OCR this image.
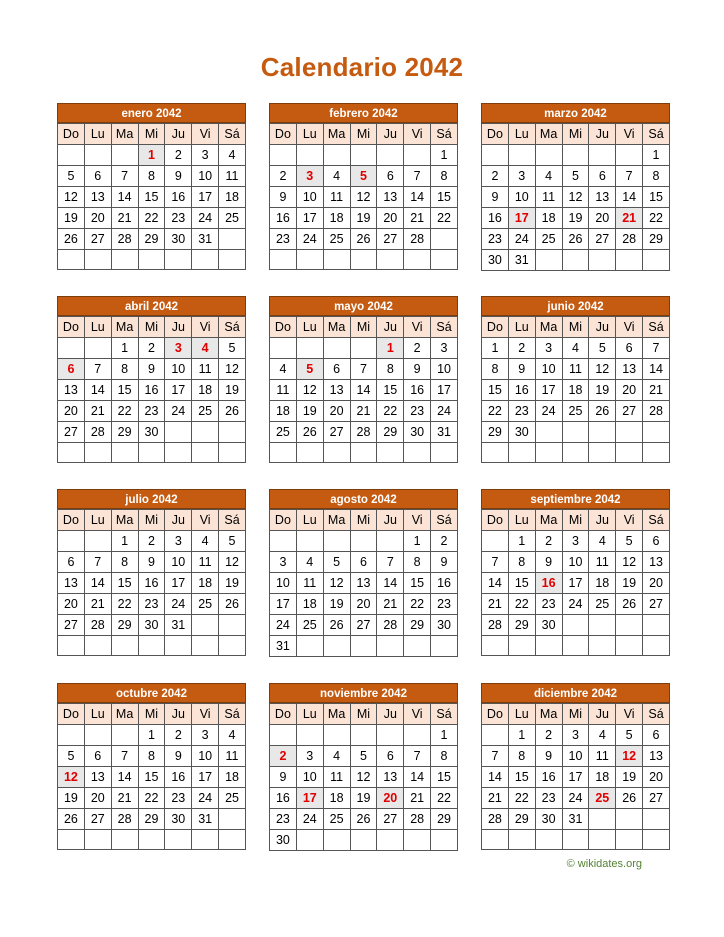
Calendario 2042
enero 2042
Do	Lu	Ma	Mi	Ju	Vi	Sá
			1	2	3	4
5	6	7	8	9	10	11
12	13	14	15	16	17	18
19	20	21	22	23	24	25
26	27	28	29	30	31	

febrero 2042
Do	Lu	Ma	Mi	Ju	Vi	Sá
						1
2	3	4	5	6	7	8
9	10	11	12	13	14	15
16	17	18	19	20	21	22
23	24	25	26	27	28	

marzo 2042
Do	Lu	Ma	Mi	Ju	Vi	Sá
						1
2	3	4	5	6	7	8
9	10	11	12	13	14	15
16	17	18	19	20	21	22
23	24	25	26	27	28	29
30	31					
abril 2042
Do	Lu	Ma	Mi	Ju	Vi	Sá
		1	2	3	4	5
6	7	8	9	10	11	12
13	14	15	16	17	18	19
20	21	22	23	24	25	26
27	28	29	30			

mayo 2042
Do	Lu	Ma	Mi	Ju	Vi	Sá
				1	2	3
4	5	6	7	8	9	10
11	12	13	14	15	16	17
18	19	20	21	22	23	24
25	26	27	28	29	30	31

junio 2042
Do	Lu	Ma	Mi	Ju	Vi	Sá
1	2	3	4	5	6	7
8	9	10	11	12	13	14
15	16	17	18	19	20	21
22	23	24	25	26	27	28
29	30					

julio 2042
Do	Lu	Ma	Mi	Ju	Vi	Sá
		1	2	3	4	5
6	7	8	9	10	11	12
13	14	15	16	17	18	19
20	21	22	23	24	25	26
27	28	29	30	31		

agosto 2042
Do	Lu	Ma	Mi	Ju	Vi	Sá
					1	2
3	4	5	6	7	8	9
10	11	12	13	14	15	16
17	18	19	20	21	22	23
24	25	26	27	28	29	30
31						
septiembre 2042
Do	Lu	Ma	Mi	Ju	Vi	Sá
	1	2	3	4	5	6
7	8	9	10	11	12	13
14	15	16	17	18	19	20
21	22	23	24	25	26	27
28	29	30				

octubre 2042
Do	Lu	Ma	Mi	Ju	Vi	Sá
			1	2	3	4
5	6	7	8	9	10	11
12	13	14	15	16	17	18
19	20	21	22	23	24	25
26	27	28	29	30	31	

noviembre 2042
Do	Lu	Ma	Mi	Ju	Vi	Sá
						1
2	3	4	5	6	7	8
9	10	11	12	13	14	15
16	17	18	19	20	21	22
23	24	25	26	27	28	29
30						
diciembre 2042
Do	Lu	Ma	Mi	Ju	Vi	Sá
	1	2	3	4	5	6
7	8	9	10	11	12	13
14	15	16	17	18	19	20
21	22	23	24	25	26	27
28	29	30	31			

© wikidates.org
